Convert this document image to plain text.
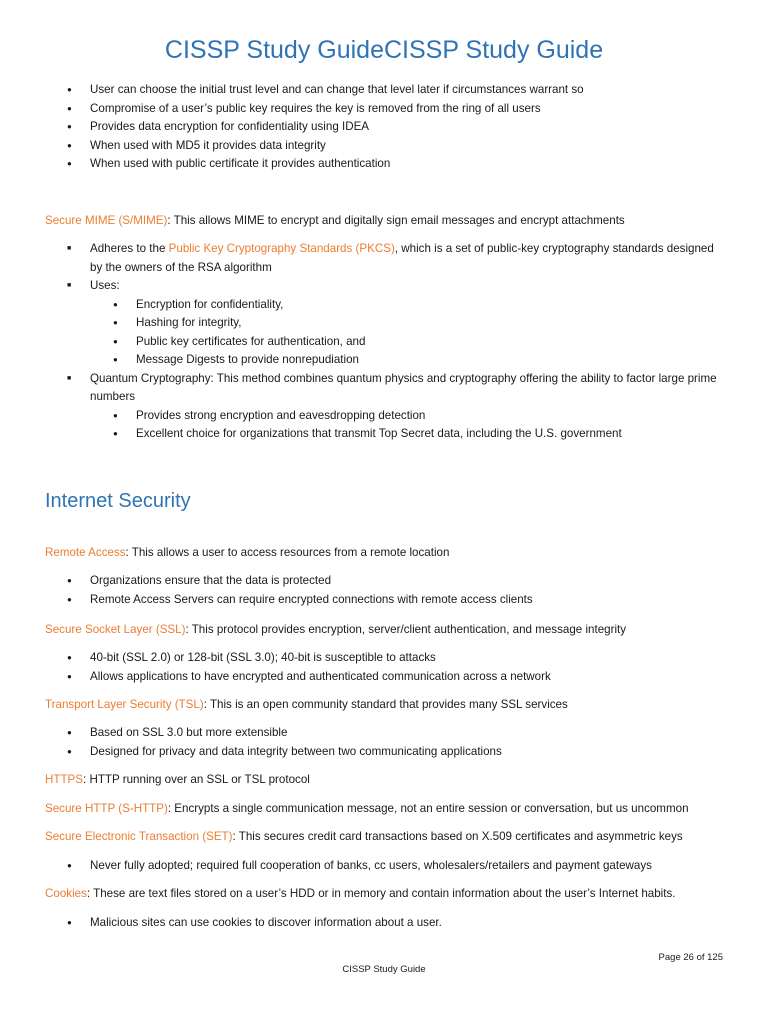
CISSP Study GuideCISSP Study Guide
● User can choose the initial trust level and can change that level later if circumstances warrant so
● Compromise of a user’s public key requires the key is removed from the ring of all users
● Provides data encryption for confidentiality using IDEA
● When used with MD5 it provides data integrity
● When used with public certificate it provides authentication
Secure MIME (S/MIME): This allows MIME to encrypt and digitally sign email messages and encrypt attachments
■ Adheres to the Public Key Cryptography Standards (PKCS), which is a set of public-key cryptography standards designed by the owners of the RSA algorithm
■ Uses:
● Encryption for confidentiality,
● Hashing for integrity,
● Public key certificates for authentication, and
● Message Digests to provide nonrepudiation
■ Quantum Cryptography: This method combines quantum physics and cryptography offering the ability to factor large prime numbers
● Provides strong encryption and eavesdropping detection
● Excellent choice for organizations that transmit Top Secret data, including the U.S. government
Internet Security
Remote Access: This allows a user to access resources from a remote location
● Organizations ensure that the data is protected
● Remote Access Servers can require encrypted connections with remote access clients
Secure Socket Layer (SSL): This protocol provides encryption, server/client authentication, and message integrity
● 40-bit (SSL 2.0) or 128-bit (SSL 3.0); 40-bit is susceptible to attacks
● Allows applications to have encrypted and authenticated communication across a network
Transport Layer Security (TSL): This is an open community standard that provides many SSL services
● Based on SSL 3.0 but more extensible
● Designed for privacy and data integrity between two communicating applications
HTTPS: HTTP running over an SSL or TSL protocol
Secure HTTP (S-HTTP): Encrypts a single communication message, not an entire session or conversation, but us uncommon
Secure Electronic Transaction (SET): This secures credit card transactions based on X.509 certificates and asymmetric keys
● Never fully adopted; required full cooperation of banks, cc users, wholesalers/retailers and payment gateways
Cookies: These are text files stored on a user’s HDD or in memory and contain information about the user’s Internet habits.
● Malicious sites can use cookies to discover information about a user.
Page 26 of 125
CISSP Study Guide
